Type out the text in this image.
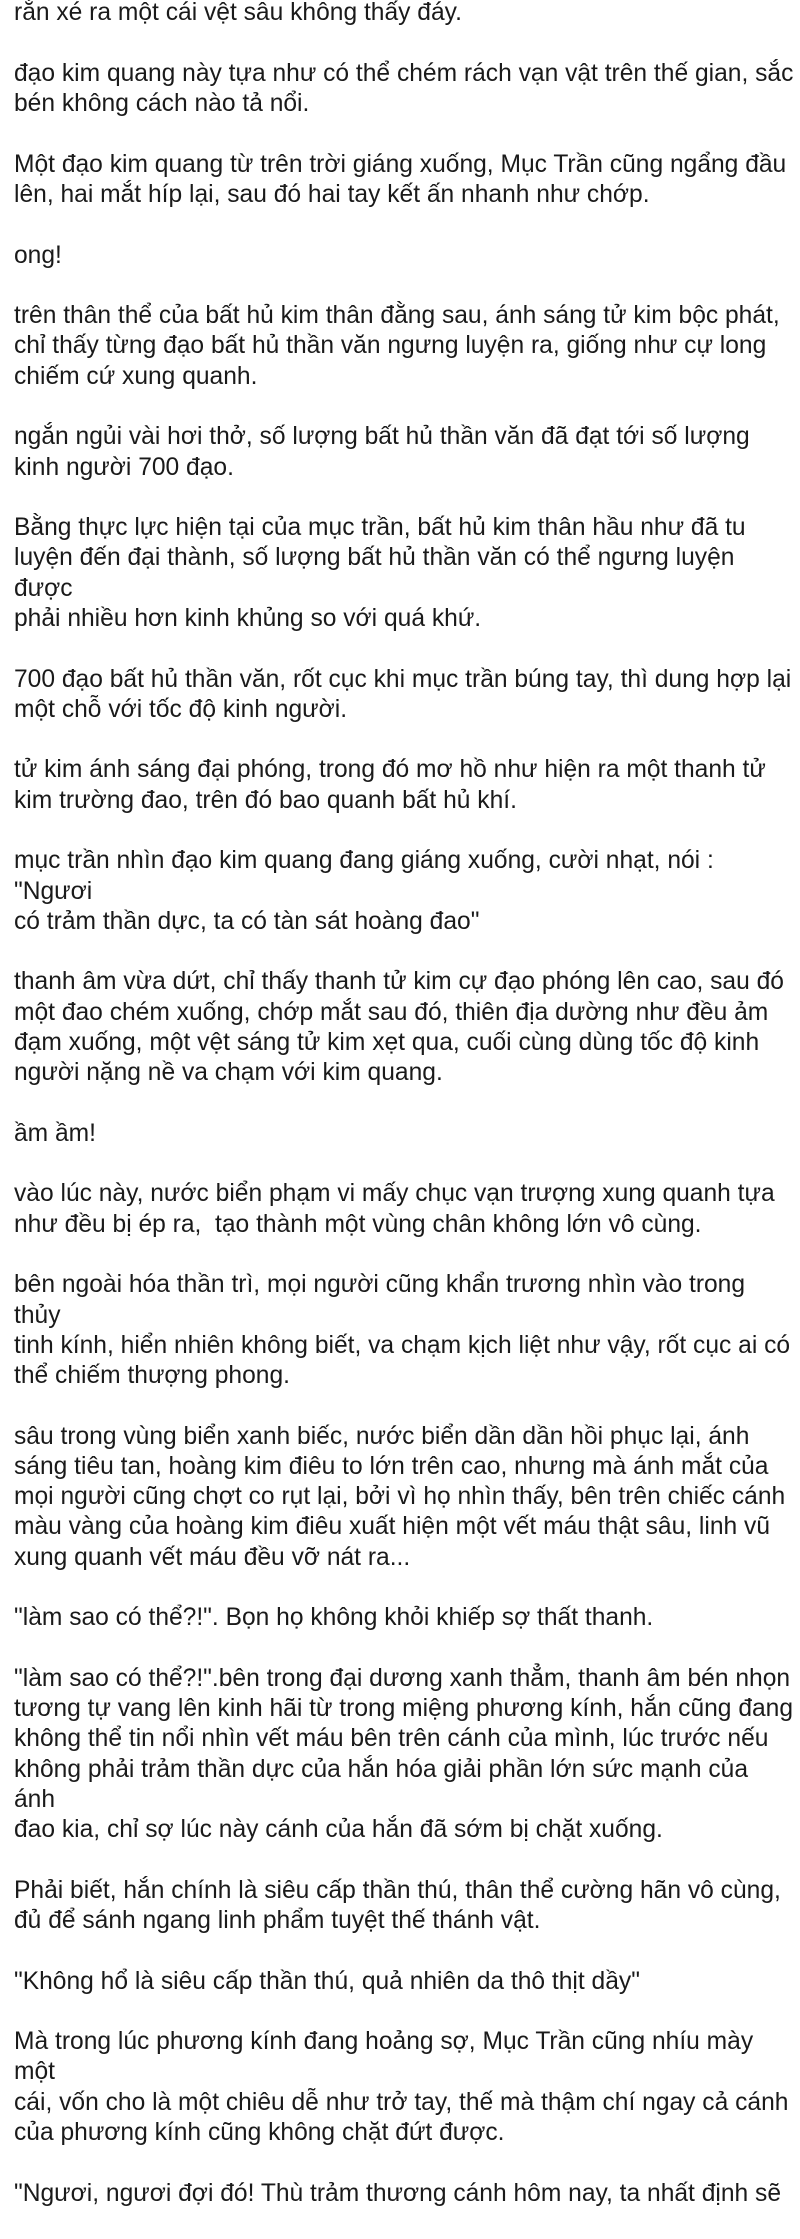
rắn xé ra một cái vệt sâu không thấy đáy.

đạo kim quang này tựa như có thể chém rách vạn vật trên thế gian, sắc
bén không cách nào tả nổi.

Một đạo kim quang từ trên trời giáng xuống, Mục Trần cũng ngẩng đầu
lên, hai mắt híp lại, sau đó hai tay kết ấn nhanh như chớp.

ong!

trên thân thể của bất hủ kim thân đằng sau, ánh sáng tử kim bộc phát,
chỉ thấy từng đạo bất hủ thần văn ngưng luyện ra, giống như cự long
chiếm cứ xung quanh.

ngắn ngủi vài hơi thở, số lượng bất hủ thần văn đã đạt tới số lượng
kinh người 700 đạo.

Bằng thực lực hiện tại của mục trần, bất hủ kim thân hầu như đã tu
luyện đến đại thành, số lượng bất hủ thần văn có thể ngưng luyện được
phải nhiều hơn kinh khủng so với quá khứ.

700 đạo bất hủ thần văn, rốt cục khi mục trần búng tay, thì dung hợp lại
một chỗ với tốc độ kinh người.

tử kim ánh sáng đại phóng, trong đó mơ hồ như hiện ra một thanh tử
kim trường đao, trên đó bao quanh bất hủ khí.

mục trần nhìn đạo kim quang đang giáng xuống, cười nhạt, nói : "Ngươi
có trảm thần dực, ta có tàn sát hoàng đao"

thanh âm vừa dứt, chỉ thấy thanh tử kim cự đạo phóng lên cao, sau đó
một đao chém xuống, chớp mắt sau đó, thiên địa dường như đều ảm
đạm xuống, một vệt sáng tử kim xẹt qua, cuối cùng dùng tốc độ kinh
người nặng nề va chạm với kim quang.

ầm ầm!

vào lúc này, nước biển phạm vi mấy chục vạn trượng xung quanh tựa
như đều bị ép ra,  tạo thành một vùng chân không lớn vô cùng.

bên ngoài hóa thần trì, mọi người cũng khẩn trương nhìn vào trong thủy
tinh kính, hiển nhiên không biết, va chạm kịch liệt như vậy, rốt cục ai có
thể chiếm thượng phong.

sâu trong vùng biển xanh biếc, nước biển dần dần hồi phục lại, ánh
sáng tiêu tan, hoàng kim điêu to lớn trên cao, nhưng mà ánh mắt của
mọi người cũng chợt co rụt lại, bởi vì họ nhìn thấy, bên trên chiếc cánh
màu vàng của hoàng kim điêu xuất hiện một vết máu thật sâu, linh vũ
xung quanh vết máu đều vỡ nát ra...

"làm sao có thể?!". Bọn họ không khỏi khiếp sợ thất thanh.

"làm sao có thể?!".bên trong đại dương xanh thẳm, thanh âm bén nhọn
tương tự vang lên kinh hãi từ trong miệng phương kính, hắn cũng đang
không thể tin nổi nhìn vết máu bên trên cánh của mình, lúc trước nếu
không phải trảm thần dực của hắn hóa giải phần lớn sức mạnh của ánh
đao kia, chỉ sợ lúc này cánh của hắn đã sớm bị chặt xuống.

Phải biết, hắn chính là siêu cấp thần thú, thân thể cường hãn vô cùng,
đủ để sánh ngang linh phẩm tuyệt thế thánh vật.

"Không hổ là siêu cấp thần thú, quả nhiên da thô thịt dầy"

Mà trong lúc phương kính đang hoảng sợ, Mục Trần cũng nhíu mày một
cái, vốn cho là một chiêu dễ như trở tay, thế mà thậm chí ngay cả cánh
của phương kính cũng không chặt đứt được.

"Ngươi, ngươi đợi đó! Thù trảm thương cánh hôm nay, ta nhất định sẽ
